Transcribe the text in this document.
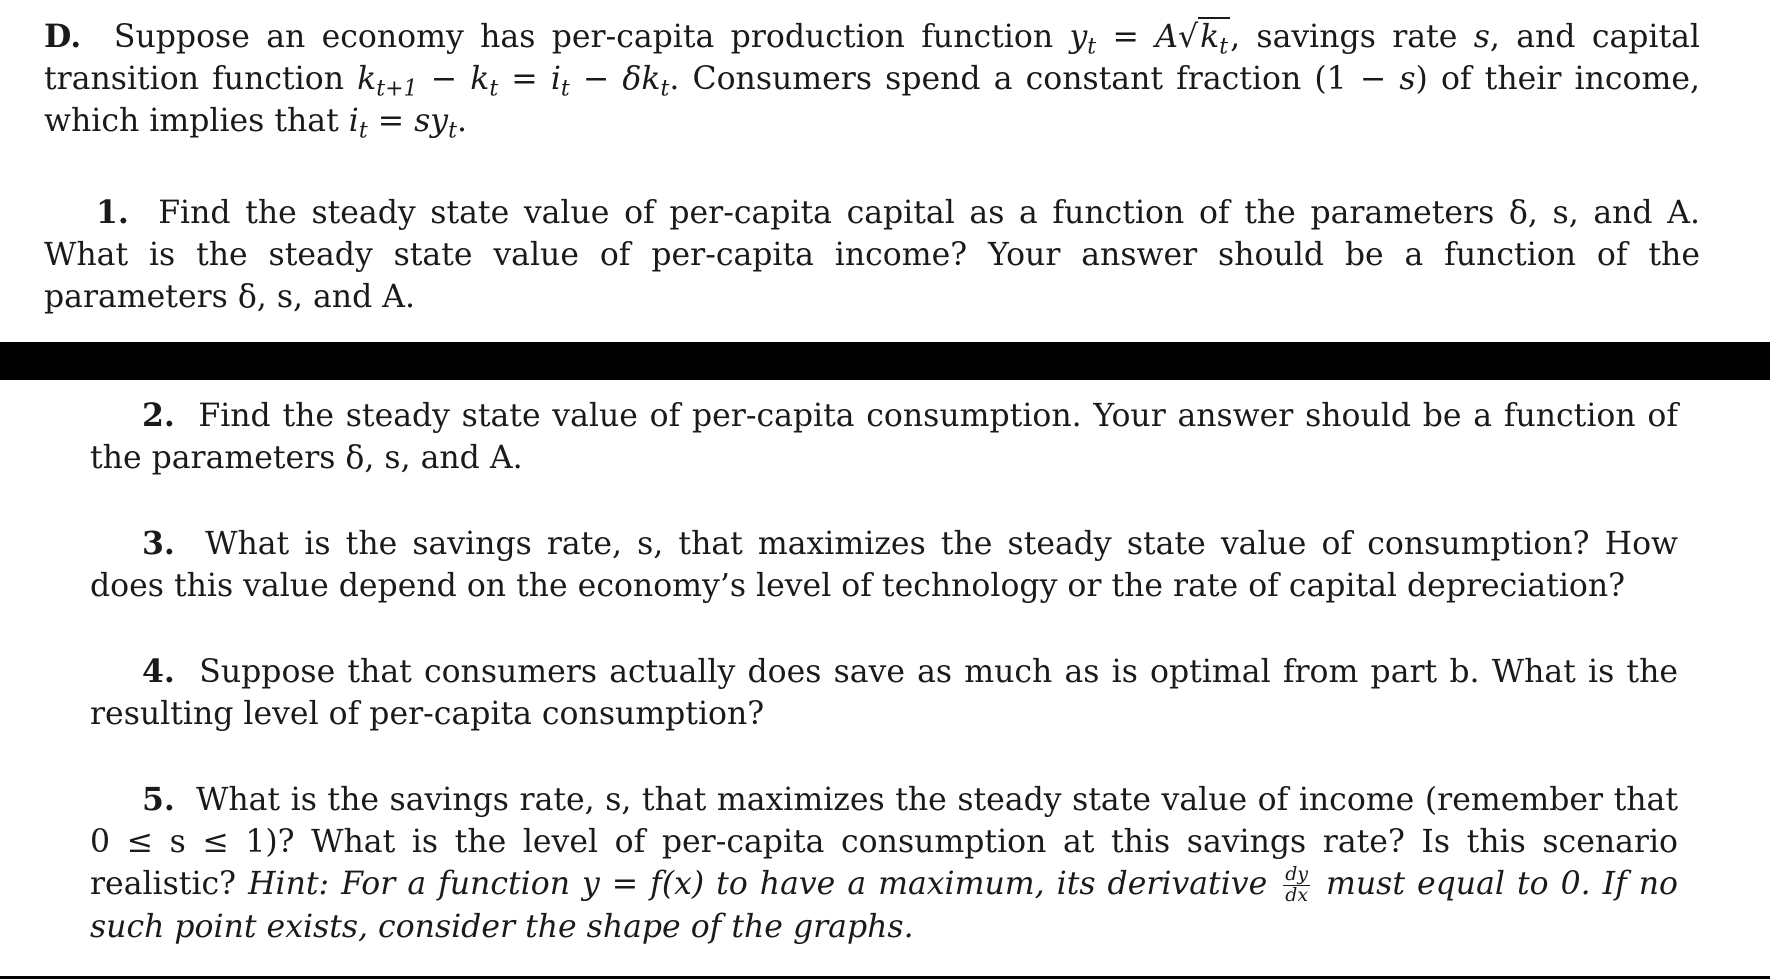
D. Suppose an economy has per-capita production function $y_t = A√k_t$, savings rate s, and capital transition function $k_{t+1} - k_t = i_t - \delta k_t$. Consumers spend a constant fraction (1 − s) of their income, which implies that $i_t = sy_t$.

1. Find the steady state value of per-capita capital as a function of the parameters δ, s, and A. What is the steady state value of per-capita income? Your answer should be a function of the parameters δ, s, and A.

2. Find the steady state value of per-capita consumption. Your answer should be a function of the parameters δ, s, and A.

3. What is the savings rate, s, that maximizes the steady state value of consumption? How does this value depend on the economy’s level of technology or the rate of capital depreciation?

4. Suppose that consumers actually does save as much as is optimal from part b. What is the resulting level of per-capita consumption?

5. What is the savings rate, s, that maximizes the steady state value of income (remember that 0 ≤ s ≤ 1)? What is the level of per-capita consumption at this savings rate? Is this scenario realistic? Hint: For a function y = f(x) to have a maximum, its derivative $\frac{dy}{dx}$ must equal to 0. If no such point exists, consider the shape of the graphs.
